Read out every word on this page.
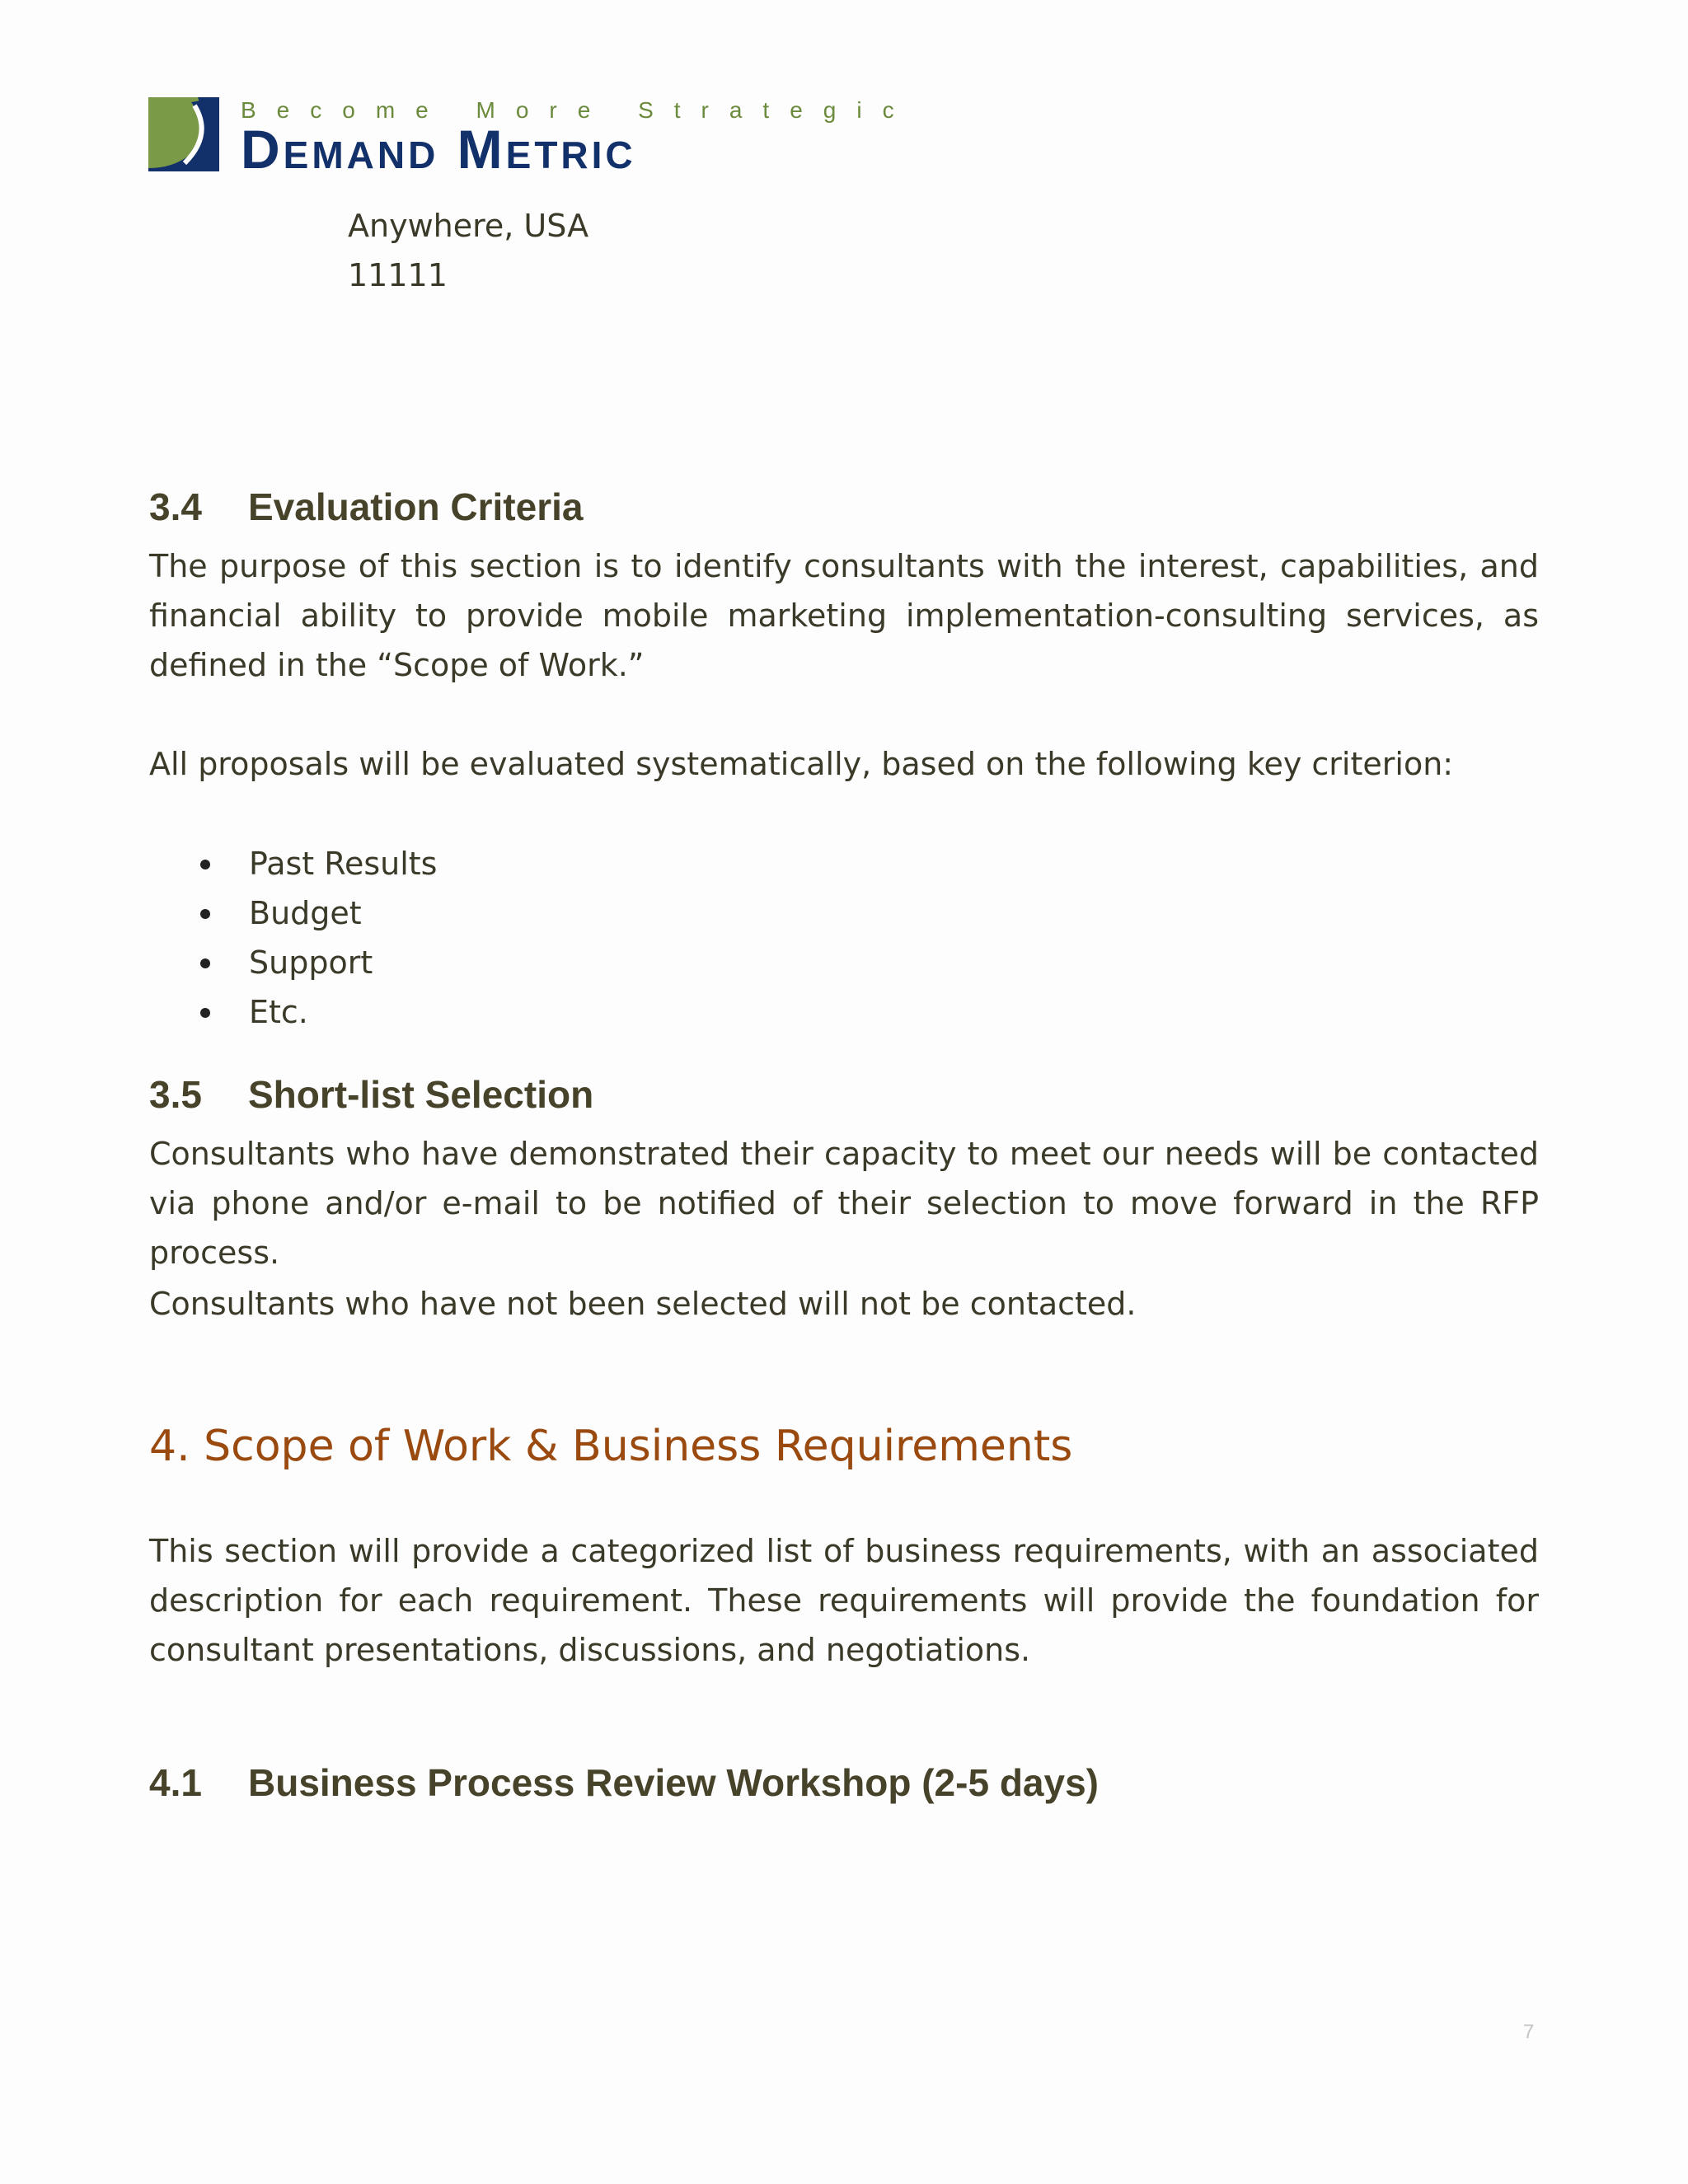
Become More Strategic
Demand Metric
Anywhere, USA
11111
3.4 Evaluation Criteria

The purpose of this section is to identify consultants with the interest, capabilities, and financial ability to provide mobile marketing implementation-consulting services, as defined in the “Scope of Work.”

All proposals will be evaluated systematically, based on the following key criterion:

Past Results
Budget
Support
Etc.
3.5 Short-list Selection

Consultants who have demonstrated their capacity to meet our needs will be contacted via phone and/or e-mail to be notified of their selection to move forward in the RFP process.

Consultants who have not been selected will not be contacted.

4. Scope of Work & Business Requirements

This section will provide a categorized list of business requirements, with an associated description for each requirement. These requirements will provide the foundation for consultant presentations, discussions, and negotiations.

4.1 Business Process Review Workshop (2-5 days)
7
